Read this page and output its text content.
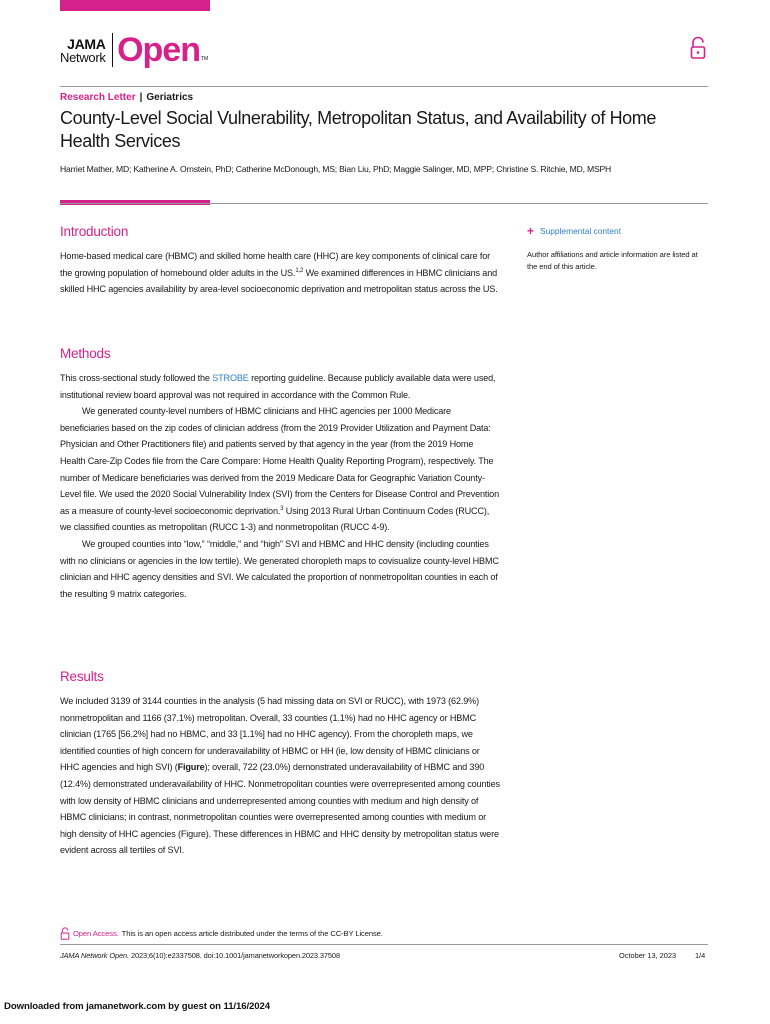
JAMA
Network Open TM
Research Letter | Geriatrics
County-Level Social Vulnerability, Metropolitan Status, and Availability of Home Health Services
Harriet Mather, MD; Katherine A. Ornstein, PhD; Catherine McDonough, MS; Bian Liu, PhD; Maggie Salinger, MD, MPP; Christine S. Ritchie, MD, MSPH
Introduction

Home-based medical care (HBMC) and skilled home health care (HHC) are key components of clinical care for the growing population of homebound older adults in the US.$^{1,2}$ We examined differences in HBMC clinicians and skilled HHC agencies availability by area-level socioeconomic deprivation and metropolitan status across the US.

+ Supplemental content
Author affiliations and article information are listed at the end of this article.
Methods

This cross-sectional study followed the STROBE reporting guideline. Because publicly available data were used, institutional review board approval was not required in accordance with the Common Rule.

We generated county-level numbers of HBMC clinicians and HHC agencies per 1000 Medicare beneficiaries based on the zip codes of clinician address (from the 2019 Provider Utilization and Payment Data: Physician and Other Practitioners file) and patients served by that agency in the year (from the 2019 Home Health Care-Zip Codes file from the Care Compare: Home Health Quality Reporting Program), respectively. The number of Medicare beneficiaries was derived from the 2019 Medicare Data for Geographic Variation County-Level file. We used the 2020 Social Vulnerability Index (SVI) from the Centers for Disease Control and Prevention as a measure of county-level socioeconomic deprivation.$^3$ Using 2013 Rural Urban Continuum Codes (RUCC), we classified counties as metropolitan (RUCC 1-3) and nonmetropolitan (RUCC 4-9).

We grouped counties into “low,” “middle,” and “high” SVI and HBMC and HHC density (including counties with no clinicians or agencies in the low tertile). We generated choropleth maps to covisualize county-level HBMC clinician and HHC agency densities and SVI. We calculated the proportion of nonmetropolitan counties in each of the resulting 9 matrix categories.

Results

We included 3139 of 3144 counties in the analysis (5 had missing data on SVI or RUCC), with 1973 (62.9%) nonmetropolitan and 1166 (37.1%) metropolitan. Overall, 33 counties (1.1%) had no HHC agency or HBMC clinician (1765 [56.2%] had no HBMC, and 33 [1.1%] had no HHC agency). From the choropleth maps, we identified counties of high concern for underavailability of HBMC or HH (ie, low density of HBMC clinicians or HHC agencies and high SVI) (Figure); overall, 722 (23.0%) demonstrated underavailability of HBMC and 390 (12.4%) demonstrated underavailability of HHC. Nonmetropolitan counties were overrepresented among counties with low density of HBMC clinicians and underrepresented among counties with medium and high density of HBMC clinicians; in contrast, nonmetropolitan counties were overrepresented among counties with medium or high density of HHC agencies (Figure). These differences in HBMC and HHC density by metropolitan status were evident across all tertiles of SVI.

Open Access. This is an open access article distributed under the terms of the CC-BY License.
JAMA Network Open. 2023;6(10):e2337508. doi:10.1001/jamanetworkopen.2023.37508	October 13, 2023	1/4
Downloaded from jamanetwork.com by guest on 11/16/2024
